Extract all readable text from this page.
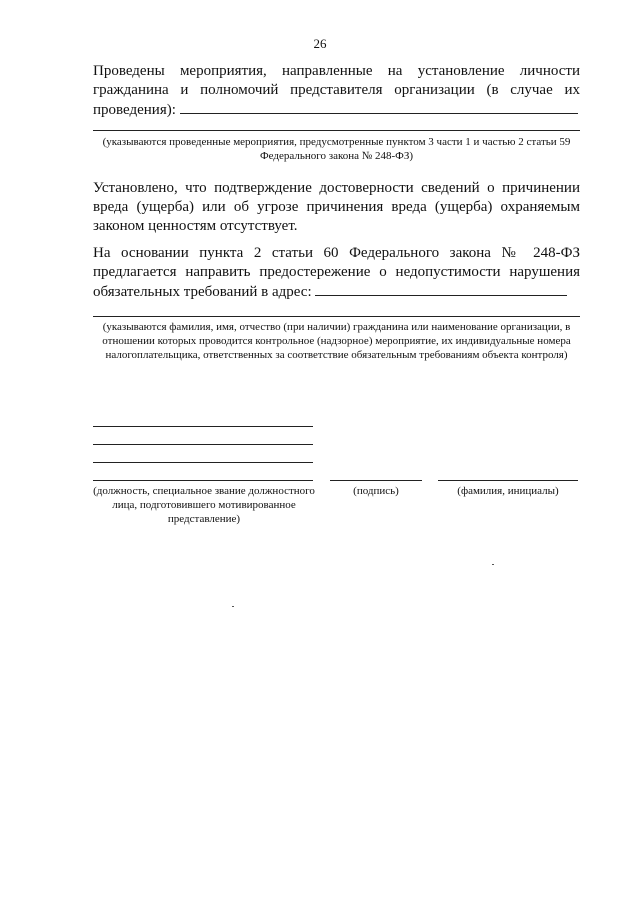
26
Проведены мероприятия, направленные на установление личности гражданина и полномочий представителя организации (в случае их проведения):
(указываются проведенные мероприятия, предусмотренные пунктом 3 части 1 и частью 2 статьи 59 Федерального закона № 248-ФЗ)
Установлено, что подтверждение достоверности сведений о причинении вреда (ущерба) или об угрозе причинения вреда (ущерба) охраняемым законом ценностям отсутствует.
На основании пункта 2 статьи 60 Федерального закона № 248-ФЗ предлагается направить предостережение о недопустимости нарушения обязательных требований в адрес:
(указываются фамилия, имя, отчество (при наличии) гражданина или наименование организации, в отношении которых проводится контрольное (надзорное) мероприятие, их индивидуальные номера налогоплательщика, ответственных за соответствие обязательным требованиям объекта контроля)
(должность, специальное звание должностного лица, подготовившего мотивированное представление)
(подпись)	(фамилия, инициалы)
